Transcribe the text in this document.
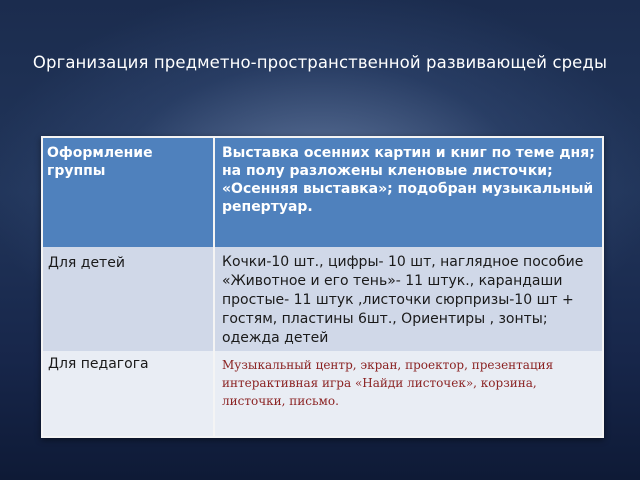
Организация предметно-пространственной развивающей среды
Оформление группы
Выставка осенних картин и книг по теме дня; на полу разложены кленовые листочки; «Осенняя выставка»; подобран музыкальный репертуар.
Для детей	Кочки-10 шт., цифры- 10 шт, наглядное пособие «Животное и его тень»- 11 штук., карандаши простые- 11 штук ,листочки сюрпризы-10 шт + гостям, пластины 6шт., Ориентиры , зонты; одежда детей
Для педагога	Музыкальный центр, экран, проектор, презентация интерактивная игра «Найди листочек», корзина, листочки, письмо.
